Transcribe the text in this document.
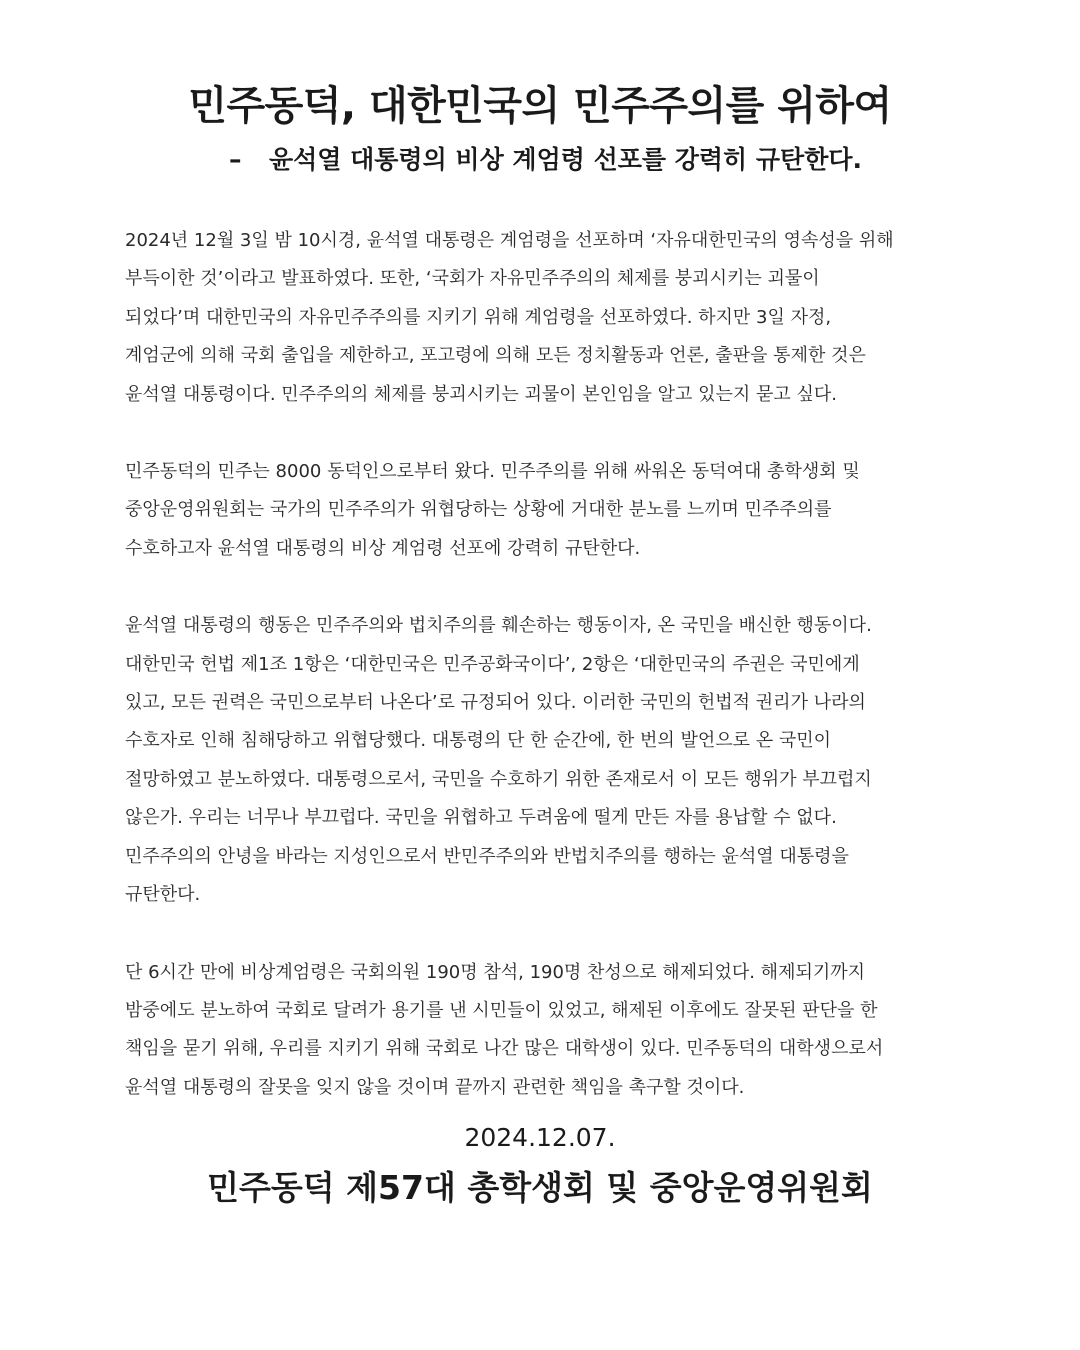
민주동덕, 대한민국의 민주주의를 위하여
– 윤석열 대통령의 비상 계엄령 선포를 강력히 규탄한다.

2024년 12월 3일 밤 10시경, 윤석열 대통령은 계엄령을 선포하며 ‘자유대한민국의 영속성을 위해
부득이한 것’이라고 발표하였다. 또한, ‘국회가 자유민주주의의 체제를 붕괴시키는 괴물이
되었다’며 대한민국의 자유민주주의를 지키기 위해 계엄령을 선포하였다. 하지만 3일 자정,
계엄군에 의해 국회 출입을 제한하고, 포고령에 의해 모든 정치활동과 언론, 출판을 통제한 것은
윤석열 대통령이다. 민주주의의 체제를 붕괴시키는 괴물이 본인임을 알고 있는지 묻고 싶다.

민주동덕의 민주는 8000 동덕인으로부터 왔다. 민주주의를 위해 싸워온 동덕여대 총학생회 및
중앙운영위원회는 국가의 민주주의가 위협당하는 상황에 거대한 분노를 느끼며 민주주의를
수호하고자 윤석열 대통령의 비상 계엄령 선포에 강력히 규탄한다.

윤석열 대통령의 행동은 민주주의와 법치주의를 훼손하는 행동이자, 온 국민을 배신한 행동이다.
대한민국 헌법 제1조 1항은 ‘대한민국은 민주공화국이다’, 2항은 ‘대한민국의 주권은 국민에게
있고, 모든 권력은 국민으로부터 나온다’로 규정되어 있다. 이러한 국민의 헌법적 권리가 나라의
수호자로 인해 침해당하고 위협당했다. 대통령의 단 한 순간에, 한 번의 발언으로 온 국민이
절망하였고 분노하였다. 대통령으로서, 국민을 수호하기 위한 존재로서 이 모든 행위가 부끄럽지
않은가. 우리는 너무나 부끄럽다. 국민을 위협하고 두려움에 떨게 만든 자를 용납할 수 없다.
민주주의의 안녕을 바라는 지성인으로서 반민주주의와 반법치주의를 행하는 윤석열 대통령을
규탄한다.

단 6시간 만에 비상계엄령은 국회의원 190명 참석, 190명 찬성으로 해제되었다. 해제되기까지
밤중에도 분노하여 국회로 달려가 용기를 낸 시민들이 있었고, 해제된 이후에도 잘못된 판단을 한
책임을 묻기 위해, 우리를 지키기 위해 국회로 나간 많은 대학생이 있다. 민주동덕의 대학생으로서
윤석열 대통령의 잘못을 잊지 않을 것이며 끝까지 관련한 책임을 촉구할 것이다.

2024.12.07.

민주동덕 제57대 총학생회 및 중앙운영위원회
